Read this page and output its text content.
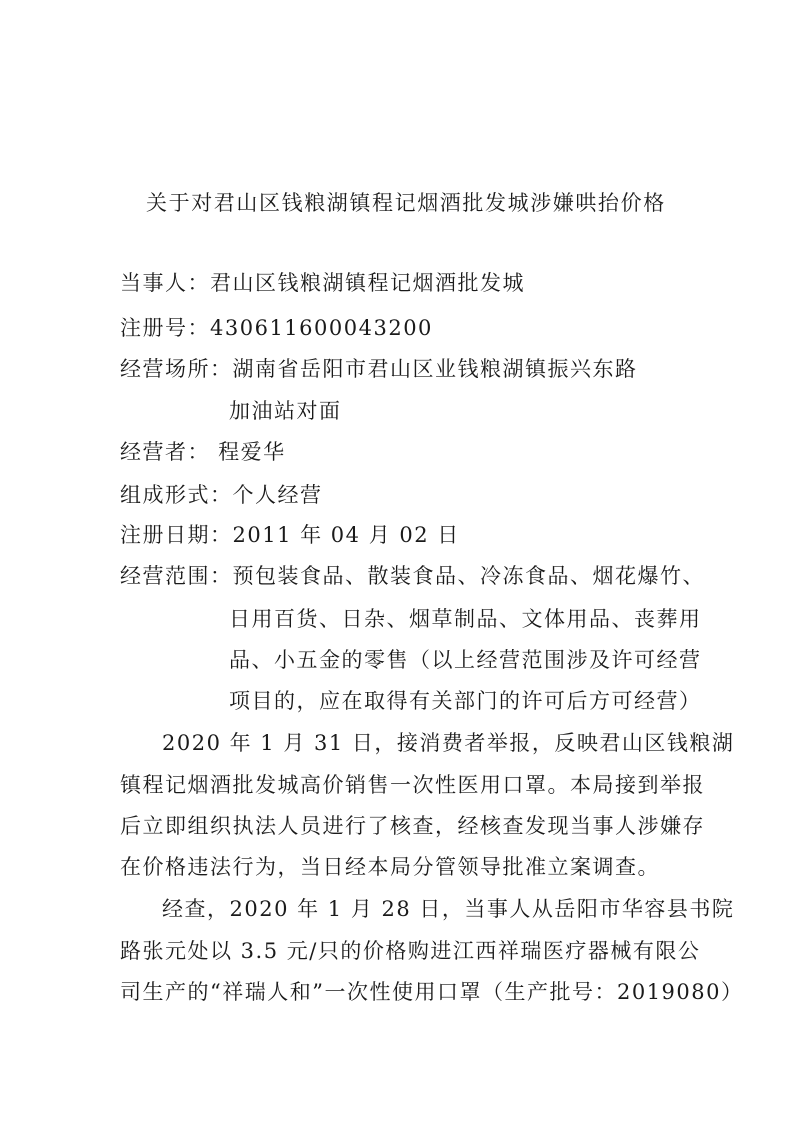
关于对君山区钱粮湖镇程记烟酒批发城涉嫌哄抬价格
当事人：君山区钱粮湖镇程记烟酒批发城
注册号：430611600043200
经营场所：湖南省岳阳市君山区业钱粮湖镇振兴东路
加油站对面
经营者： 程爱华
组成形式：个人经营
注册日期：2011 年 04 月 02 日
经营范围：预包装食品、散装食品、冷冻食品、烟花爆竹、
日用百货、日杂、烟草制品、文体用品、丧葬用
品、小五金的零售（以上经营范围涉及许可经营
项目的，应在取得有关部门的许可后方可经营）
2020 年 1 月 31 日，接消费者举报，反映君山区钱粮湖
镇程记烟酒批发城高价销售一次性医用口罩。本局接到举报
后立即组织执法人员进行了核查，经核查发现当事人涉嫌存
在价格违法行为，当日经本局分管领导批准立案调查。
经查，2020 年 1 月 28 日，当事人从岳阳市华容县书院
路张元处以 3.5 元/只的价格购进江西祥瑞医疗器械有限公
司生产的“祥瑞人和”一次性使用口罩（生产批号：2019080）
